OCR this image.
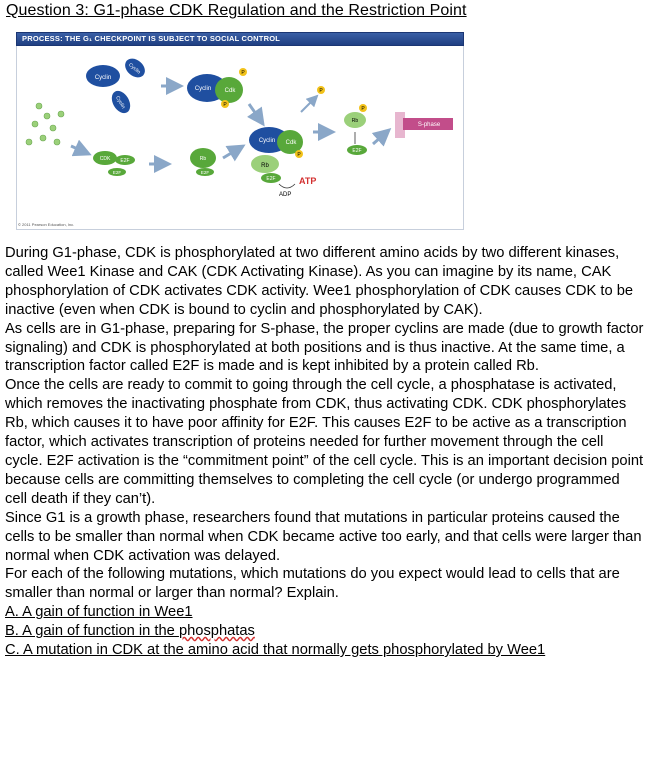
Question 3: G1-phase CDK Regulation and the Restriction Point
PROCESS: THE G₁ CHECKPOINT IS SUBJECT TO SOCIAL CONTROL
Cyclin
Cyclin
Cyclin
Cyclin Cdk
P
P
Cyclin Cdk
P
Rb
E2F	ATP
ADP
P
P
Rb
E2F
S-phase
CDK E2F
E2F
Rb
E2F
© 2011 Pearson Education, Inc.

During G1-phase, CDK is phosphorylated at two different amino acids by two different kinases, called Wee1 Kinase and CAK (CDK Activating Kinase). As you can imagine by its name, CAK phosphorylation of CDK activates CDK activity. Wee1 phosphorylation of CDK causes CDK to be inactive (even when CDK is bound to cyclin and phosphorylated by CAK).

As cells are in G1-phase, preparing for S-phase, the proper cyclins are made (due to growth factor signaling) and CDK is phosphorylated at both positions and is thus inactive. At the same time, a transcription factor called E2F is made and is kept inhibited by a protein called Rb.

Once the cells are ready to commit to going through the cell cycle, a phosphatase is activated, which removes the inactivating phosphate from CDK, thus activating CDK. CDK phosphorylates Rb, which causes it to have poor affinity for E2F. This causes E2F to be active as a transcription factor, which activates transcription of proteins needed for further movement through the cell cycle. E2F activation is the “commitment point” of the cell cycle. This is an important decision point because cells are committing themselves to completing the cell cycle (or undergo programmed cell death if they can’t).

Since G1 is a growth phase, researchers found that mutations in particular proteins caused the cells to be smaller than normal when CDK became active too early, and that cells were larger than normal when CDK activation was delayed.

For each of the following mutations, which mutations do you expect would lead to cells that are smaller than normal or larger than normal? Explain.

A. A gain of function in Wee1

B. A gain of function in the phosphatas

C. A mutation in CDK at the amino acid that normally gets phosphorylated by Wee1
